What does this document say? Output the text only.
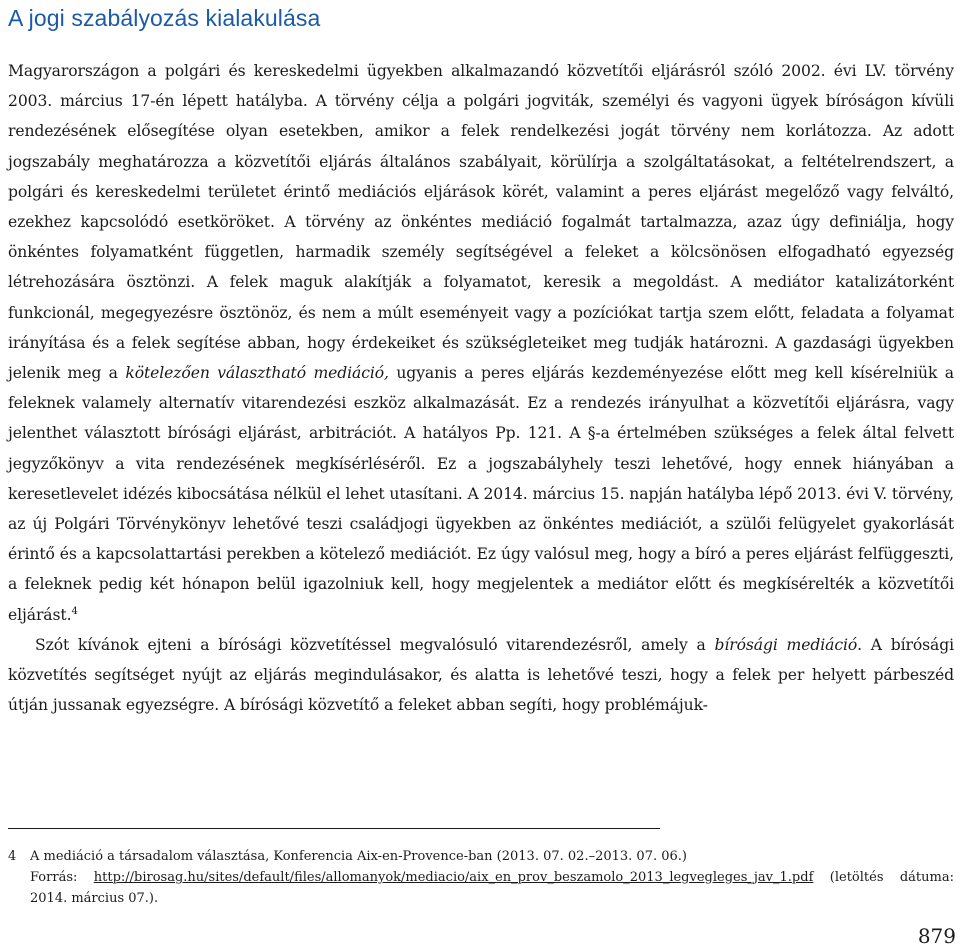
A jogi szabályozás kialakulása

Magyarországon a polgári és kereskedelmi ügyekben alkalmazandó közvetítői eljárásról szóló 2002. évi LV. törvény 2003. március 17-én lépett hatályba. A törvény célja a polgári jogviták, személyi és vagyoni ügyek bíróságon kívüli rendezésének elősegítése olyan esetekben, amikor a felek rendelkezési jogát törvény nem korlátozza. Az adott jogszabály meghatározza a közvetítői eljárás általános szabályait, körülírja a szolgáltatásokat, a feltételrendszert, a polgári és kereskedelmi területet érintő mediációs eljárások körét, valamint a peres eljárást megelőző vagy felváltó, ezekhez kapcsolódó esetköröket. A törvény az önkéntes mediáció fogalmát tartalmazza, azaz úgy definiálja, hogy önkéntes folyamatként független, harmadik személy segítségével a feleket a kölcsönösen elfogadható egyezség létrehozására ösztönzi. A felek maguk alakítják a folyamatot, keresik a megoldást. A mediátor katalizátorként funkcionál, megegyezésre ösztönöz, és nem a múlt eseményeit vagy a pozíciókat tartja szem előtt, feladata a folyamat irányítása és a felek segítése abban, hogy érdekeiket és szükségleteiket meg tudják határozni. A gazdasági ügyekben jelenik meg a kötelezően választható mediáció, ugyanis a peres eljárás kezdeményezése előtt meg kell kísérelniük a feleknek valamely alternatív vitarendezési eszköz alkalmazását. Ez a rendezés irányulhat a közvetítői eljárásra, vagy jelenthet választott bírósági eljárást, arbitrációt. A hatályos Pp. 121. A §-a értelmében szükséges a felek által felvett jegyzőkönyv a vita rendezésének megkísérléséről. Ez a jogszabályhely teszi lehetővé, hogy ennek hiányában a keresetlevelet idézés kibocsátása nélkül el lehet utasítani. A 2014. március 15. napján hatályba lépő 2013. évi V. törvény, az új Polgári Törvénykönyv lehetővé teszi családjogi ügyekben az önkéntes mediációt, a szülői felügyelet gyakorlását érintő és a kapcsolattartási perekben a kötelező mediációt. Ez úgy valósul meg, hogy a bíró a peres eljárást felfüggeszti, a feleknek pedig két hónapon belül igazolniuk kell, hogy megjelentek a mediátor előtt és megkísérelték a közvetítői eljárást.$^4$

Szót kívánok ejteni a bírósági közvetítéssel megvalósuló vitarendezésről, amely a bírósági mediáció. A bírósági közvetítés segítséget nyújt az eljárás megindulásakor, és alatta is lehetővé teszi, hogy a felek per helyett párbeszéd útján jussanak egyezségre. A bírósági közvetítő a feleket abban segíti, hogy problémájuk-

4 A mediáció a társadalom választása, Konferencia Aix-en-Provence-ban (2013. 07. 02.–2013. 07. 06.)
Forrás: http://birosag.hu/sites/default/files/allomanyok/mediacio/aix_en_prov_beszamolo_2013_legvegleges_jav_1.pdf (letöltés dátuma: 2014. március 07.).
879
